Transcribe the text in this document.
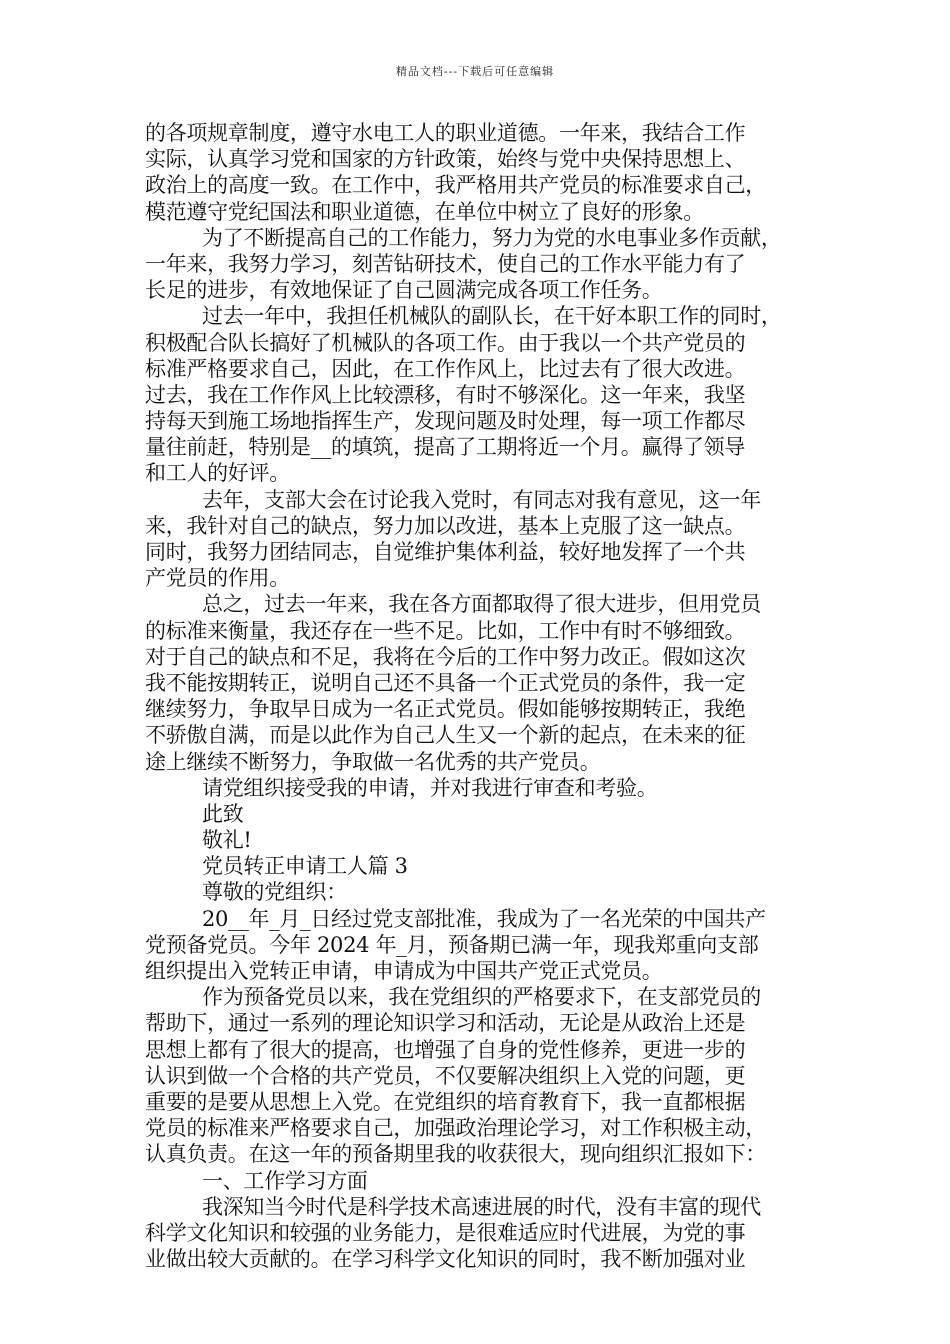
精品文档---下载后可任意编辑
的各项规章制度，遵守水电工人的职业道德。一年来，我结合工作
实际，认真学习党和国家的方针政策，始终与党中央保持思想上、
政治上的高度一致。在工作中，我严格用共产党员的标准要求自己，
模范遵守党纪国法和职业道德，在单位中树立了良好的形象。
为了不断提高自己的工作能力，努力为党的水电事业多作贡献，
一年来，我努力学习，刻苦钻研技术，使自己的工作水平能力有了
长足的进步，有效地保证了自己圆满完成各项工作任务。
过去一年中，我担任机械队的副队长，在干好本职工作的同时，
积极配合队长搞好了机械队的各项工作。由于我以一个共产党员的
标准严格要求自己，因此，在工作作风上，比过去有了很大改进。
过去，我在工作作风上比较漂移，有时不够深化。这一年来，我坚
持每天到施工场地指挥生产，发现问题及时处理，每一项工作都尽
量往前赶，特别是__的填筑，提高了工期将近一个月。赢得了领导
和工人的好评。
去年，支部大会在讨论我入党时，有同志对我有意见，这一年
来，我针对自己的缺点，努力加以改进，基本上克服了这一缺点。
同时，我努力团结同志，自觉维护集体利益，较好地发挥了一个共
产党员的作用。
总之，过去一年来，我在各方面都取得了很大进步，但用党员
的标准来衡量，我还存在一些不足。比如，工作中有时不够细致。
对于自己的缺点和不足，我将在今后的工作中努力改正。假如这次
我不能按期转正，说明自己还不具备一个正式党员的条件，我一定
继续努力，争取早日成为一名正式党员。假如能够按期转正，我绝
不骄傲自满，而是以此作为自己人生又一个新的起点，在未来的征
途上继续不断努力，争取做一名优秀的共产党员。
请党组织接受我的申请，并对我进行审查和考验。
此致
敬礼!
党员转正申请工人篇 3
尊敬的党组织：
20__年_月_日经过党支部批准，我成为了一名光荣的中国共产
党预备党员。今年 2024 年_月，预备期已满一年，现我郑重向支部
组织提出入党转正申请，申请成为中国共产党正式党员。
作为预备党员以来，我在党组织的严格要求下，在支部党员的
帮助下，通过一系列的理论知识学习和活动，无论是从政治上还是
思想上都有了很大的提高，也增强了自身的党性修养，更进一步的
认识到做一个合格的共产党员，不仅要解决组织上入党的问题，更
重要的是要从思想上入党。在党组织的培育教育下，我一直都根据
党员的标准来严格要求自己，加强政治理论学习，对工作积极主动，
认真负责。在这一年的预备期里我的收获很大，现向组织汇报如下：
一、工作学习方面
我深知当今时代是科学技术高速进展的时代，没有丰富的现代
科学文化知识和较强的业务能力，是很难适应时代进展，为党的事
业做出较大贡献的。在学习科学文化知识的同时，我不断加强对业
